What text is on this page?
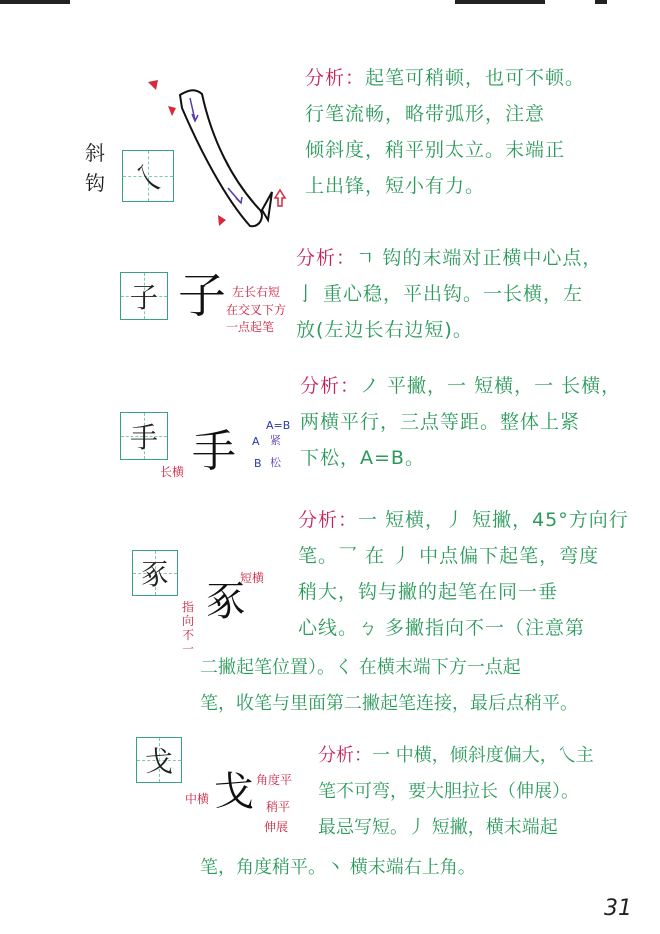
斜钩	乀
分析：起笔可稍顿，也可不顿。
行笔流畅，略带弧形，注意
倾斜度，稍平别太立。末端正
上出锋，短小有力。
子 子 左长右短
在交叉下方
一点起笔
分析：ㄱ 钩的末端对正横中心点，
亅 重心稳，平出钩。一长横，左
放(左边长右边短)。
手 手
长横
A=B
A
B
紧
松
分析：ノ 平撇，一 短横，一 长横，
两横平行，三点等距。整体上紧
下松，A=B。
豖
豖
短横
指向不一
分析：一 短横，丿 短撇，45°方向行
笔。乛 在 丿 中点偏下起笔，弯度
稍大，钩与撇的起笔在同一垂
心线。ㄅ 多撇指向不一（注意第
二撇起笔位置）。く 在横末端下方一点起
笔，收笔与里面第二撇起笔连接，最后点稍平。
戈
戈
中横
角度平
稍平
伸展
分析：一 中横，倾斜度偏大，乀主
笔不可弯，要大胆拉长（伸展）。
最忌写短。丿 短撇，横末端起
笔，角度稍平。丶 横末端右上角。
31
